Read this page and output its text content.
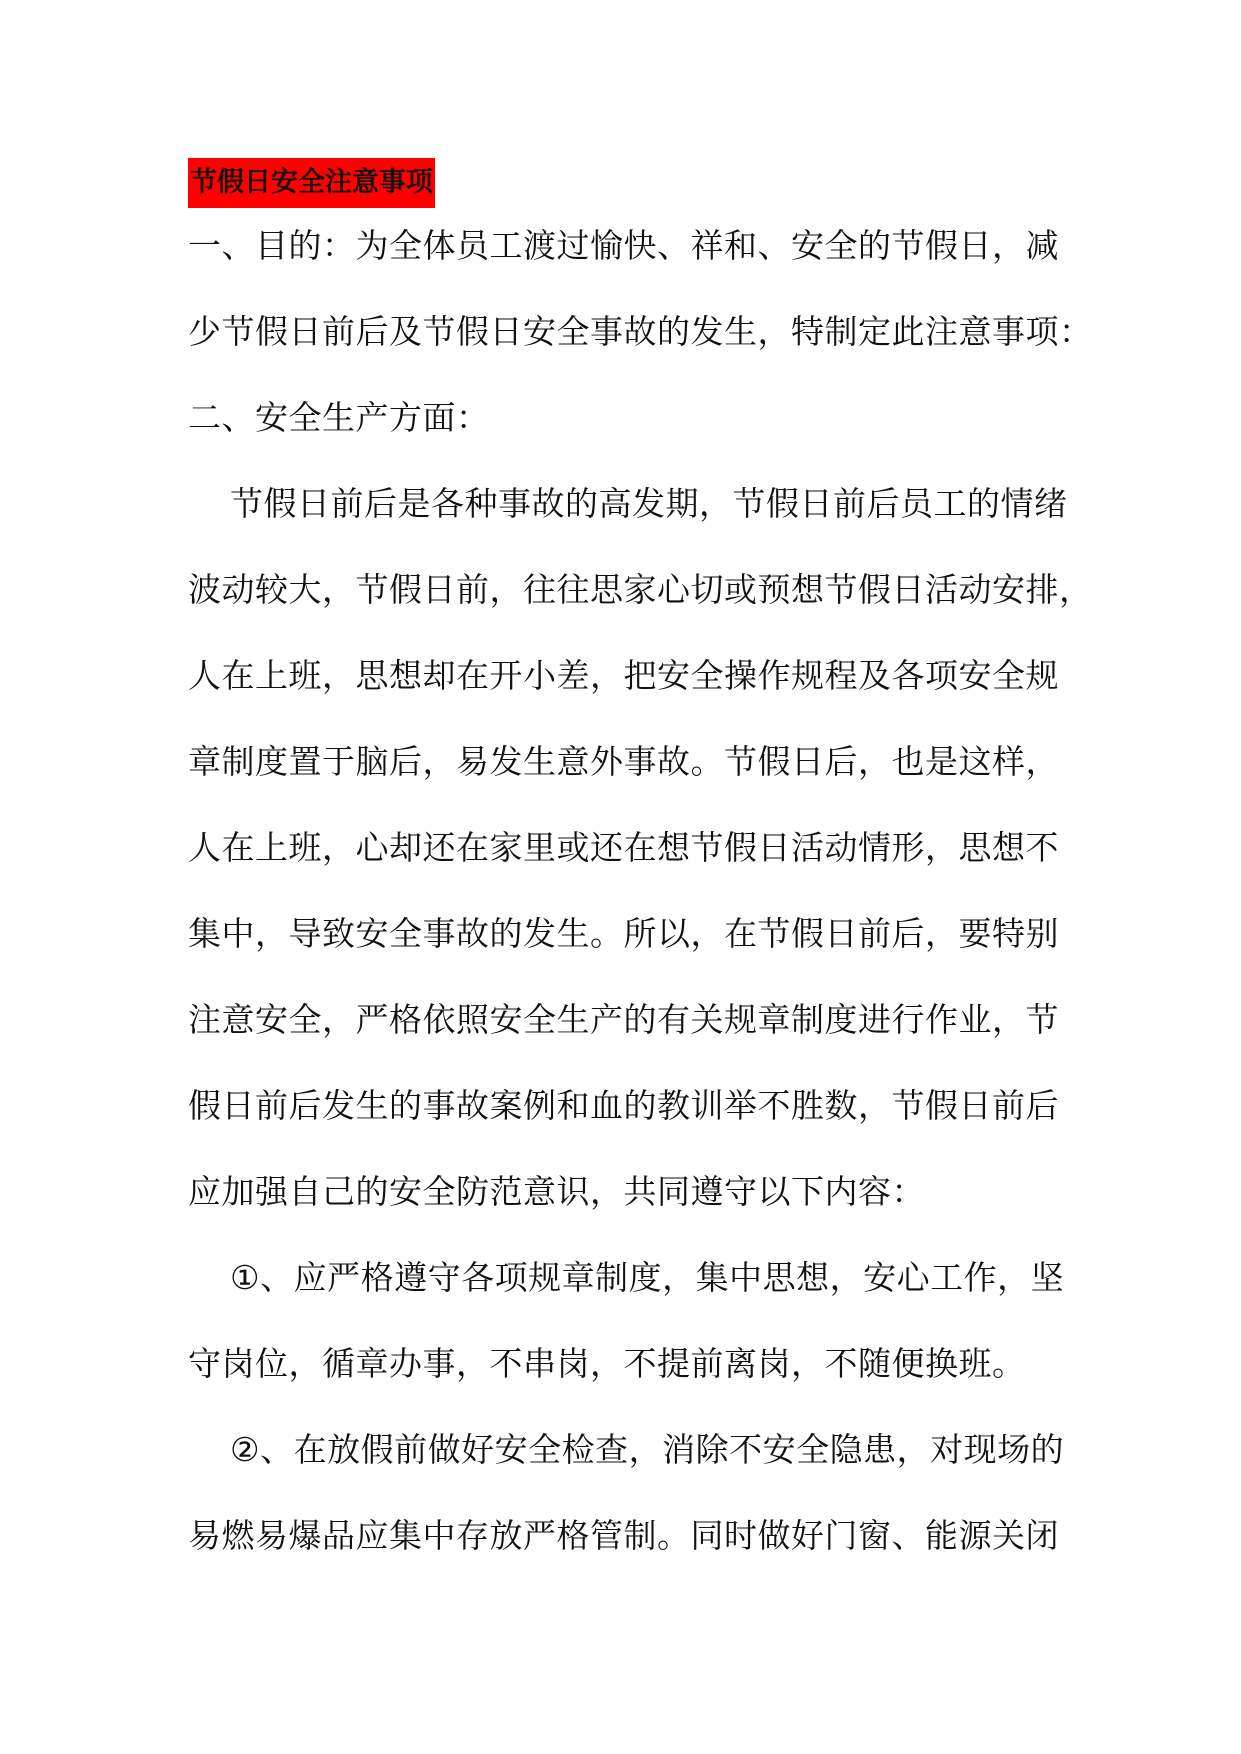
节假日安全注意事项
一、目的：为全体员工渡过愉快、祥和、安全的节假日，减
少节假日前后及节假日安全事故的发生，特制定此注意事项：
二、安全生产方面：
节假日前后是各种事故的高发期，节假日前后员工的情绪
波动较大，节假日前，往往思家心切或预想节假日活动安排，
人在上班，思想却在开小差，把安全操作规程及各项安全规
章制度置于脑后，易发生意外事故。节假日后，也是这样，
人在上班，心却还在家里或还在想节假日活动情形，思想不
集中，导致安全事故的发生。所以，在节假日前后，要特别
注意安全，严格依照安全生产的有关规章制度进行作业，节
假日前后发生的事故案例和血的教训举不胜数，节假日前后
应加强自己的安全防范意识，共同遵守以下内容：
①、应严格遵守各项规章制度，集中思想，安心工作，坚
守岗位，循章办事，不串岗，不提前离岗，不随便换班。
②、在放假前做好安全检查，消除不安全隐患，对现场的
易燃易爆品应集中存放严格管制。同时做好门窗、能源关闭
